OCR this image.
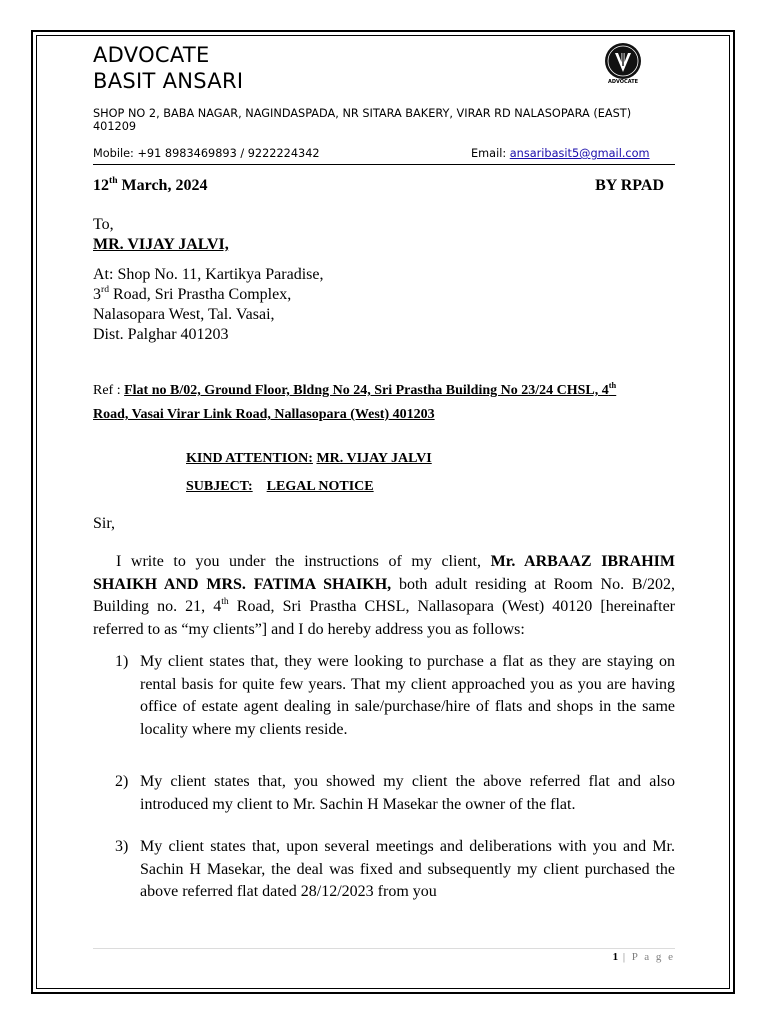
ADVOCATE
BASIT ANSARI	ADVOCATE
SHOP NO 2, BABA NAGAR, NAGINDASPADA, NR SITARA BAKERY, VIRAR RD NALASOPARA (EAST) 401209
Mobile: +91 8983469893 / 9222224342	Email: ansaribasit5@gmail.com
12th March, 2024	BY RPAD
To,
MR. VIJAY JALVI,
At: Shop No. 11, Kartikya Paradise,
3rd Road, Sri Prastha Complex,
Nalasopara West, Tal. Vasai,
Dist. Palghar 401203
Ref : Flat no B/02, Ground Floor, Bldng No 24, Sri Prastha Building No 23/24 CHSL, 4th
Road, Vasai Virar Link Road, Nallasopara (West) 401203
KIND ATTENTION: MR. VIJAY JALVI
SUBJECT: LEGAL NOTICE
Sir,
I write to you under the instructions of my client, Mr. ARBAAZ IBRAHIM SHAIKH AND MRS. FATIMA SHAIKH, both adult residing at Room No. B/202, Building no. 21, 4th Road, Sri Prastha CHSL, Nallasopara (West) 40120 [hereinafter referred to as “my clients”] and I do hereby address you as follows:
1) My client states that, they were looking to purchase a flat as they are staying on rental basis for quite few years. That my client approached you as you are having office of estate agent dealing in sale/purchase/hire of flats and shops in the same locality where my clients reside.
2) My client states that, you showed my client the above referred flat and also introduced my client to Mr. Sachin H Masekar the owner of the flat.
3) My client states that, upon several meetings and deliberations with you and Mr. Sachin H Masekar, the deal was fixed and subsequently my client purchased the above referred flat dated 28/12/2023 from you
1 | P a g e
